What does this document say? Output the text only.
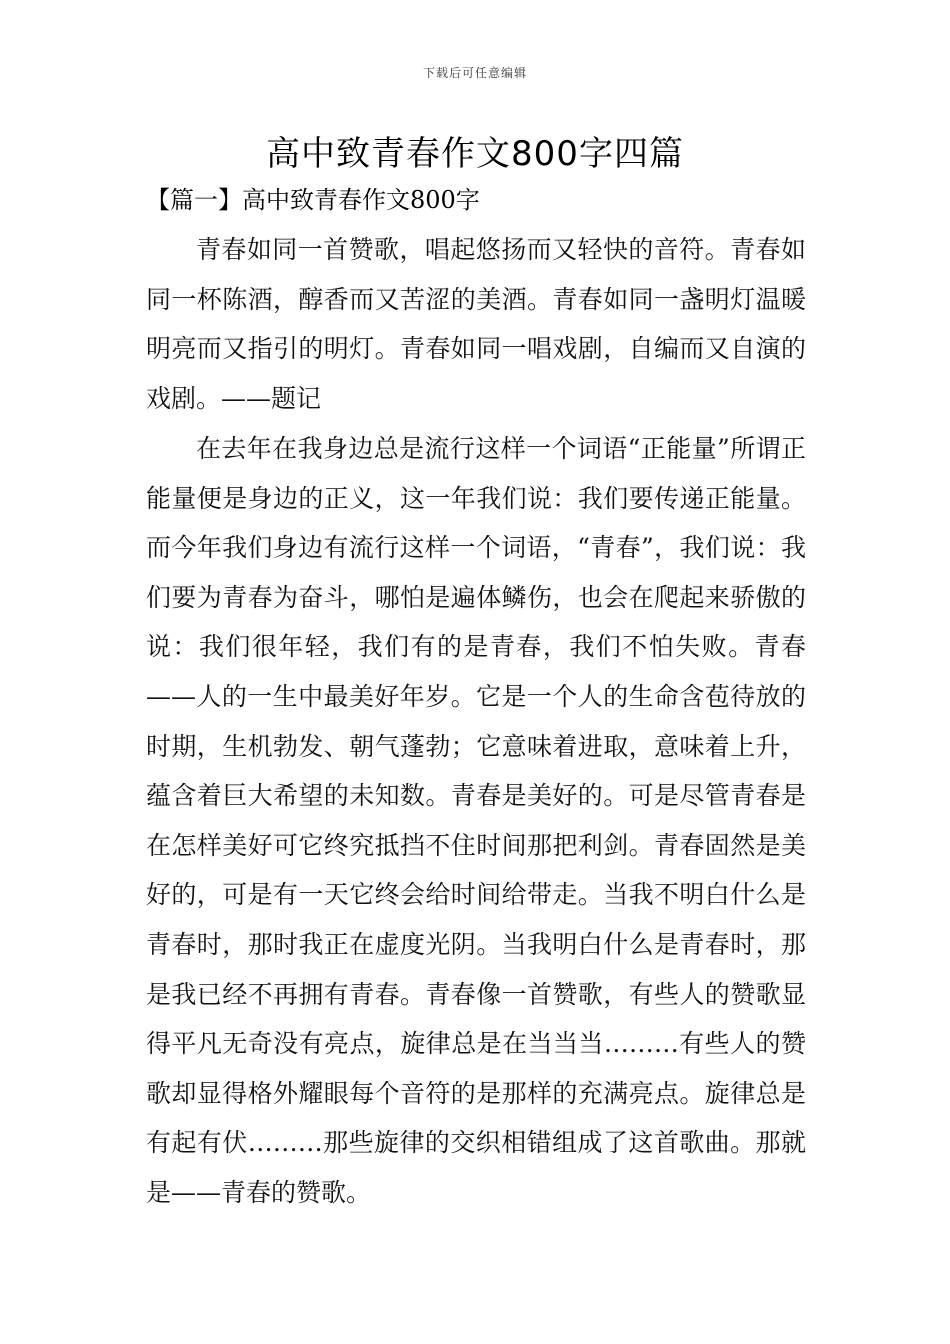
下载后可任意编辑
高中致青春作文800字四篇
【篇一】高中致青春作文800字

青春如同一首赞歌，唱起悠扬而又轻快的音符。青春如同一杯陈酒，醇香而又苦涩的美酒。青春如同一盏明灯温暖明亮而又指引的明灯。青春如同一唱戏剧，自编而又自演的戏剧。——题记

在去年在我身边总是流行这样一个词语“正能量”所谓正能量便是身边的正义，这一年我们说：我们要传递正能量。而今年我们身边有流行这样一个词语，“青春”，我们说：我们要为青春为奋斗，哪怕是遍体鳞伤，也会在爬起来骄傲的说：我们很年轻，我们有的是青春，我们不怕失败。青春——人的一生中最美好年岁。它是一个人的生命含苞待放的时期，生机勃发、朝气蓬勃；它意味着进取，意味着上升，蕴含着巨大希望的未知数。青春是美好的。可是尽管青春是在怎样美好可它终究抵挡不住时间那把利剑。青春固然是美好的，可是有一天它终会给时间给带走。当我不明白什么是青春时，那时我正在虚度光阴。当我明白什么是青春时，那是我已经不再拥有青春。青春像一首赞歌，有些人的赞歌显得平凡无奇没有亮点，旋律总是在当当当………有些人的赞歌却显得格外耀眼每个音符的是那样的充满亮点。旋律总是有起有伏………那些旋律的交织相错组成了这首歌曲。那就是——青春的赞歌。
